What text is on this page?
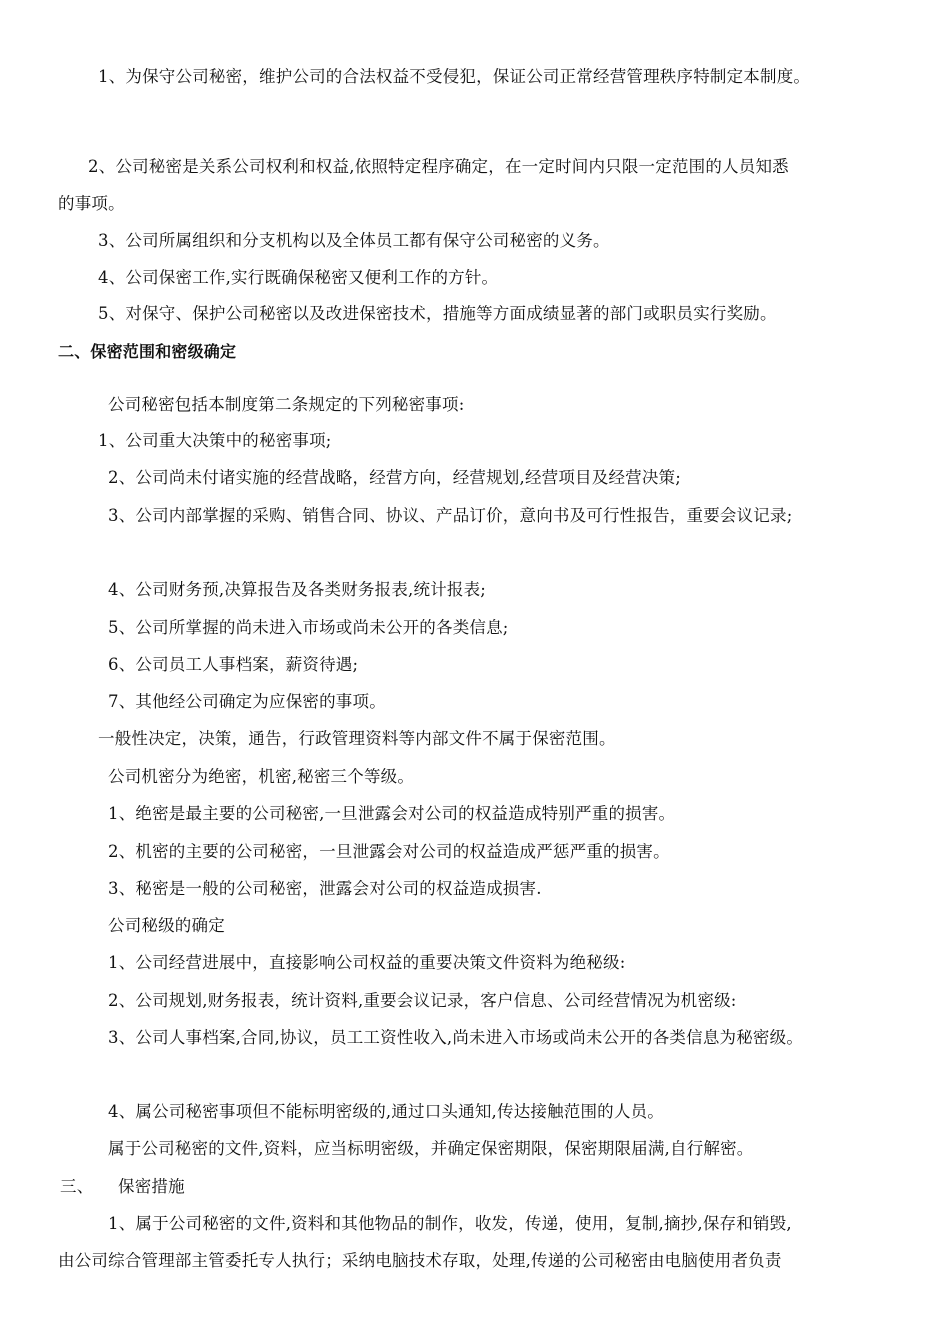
1、为保守公司秘密，维护公司的合法权益不受侵犯，保证公司正常经营管理秩序特制定本制度。
2、公司秘密是关系公司权利和权益,依照特定程序确定，在一定时间内只限一定范围的人员知悉
的事项。
3、公司所属组织和分支机构以及全体员工都有保守公司秘密的义务。
4、公司保密工作,实行既确保秘密又便利工作的方针。
5、对保守、保护公司秘密以及改进保密技术，措施等方面成绩显著的部门或职员实行奖励。
二、保密范围和密级确定
公司秘密包括本制度第二条规定的下列秘密事项:
1、公司重大决策中的秘密事项;
2、公司尚未付诸实施的经营战略，经营方向，经营规划,经营项目及经营决策;
3、公司内部掌握的采购、销售合同、协议、产品订价，意向书及可行性报告，重要会议记录;
4、公司财务预,决算报告及各类财务报表,统计报表;
5、公司所掌握的尚未进入市场或尚未公开的各类信息;
6、公司员工人事档案，薪资待遇;
7、其他经公司确定为应保密的事项。
一般性决定，决策，通告，行政管理资料等内部文件不属于保密范围。
公司机密分为绝密，机密,秘密三个等级。
1、绝密是最主要的公司秘密,一旦泄露会对公司的权益造成特别严重的损害。
2、机密的主要的公司秘密，一旦泄露会对公司的权益造成严惩严重的损害。
3、秘密是一般的公司秘密，泄露会对公司的权益造成损害.
公司秘级的确定
1、公司经营进展中，直接影响公司权益的重要决策文件资料为绝秘级:
2、公司规划,财务报表，统计资料,重要会议记录，客户信息、公司经营情况为机密级:
3、公司人事档案,合同,协议，员工工资性收入,尚未进入市场或尚未公开的各类信息为秘密级。
4、属公司秘密事项但不能标明密级的,通过口头通知,传达接触范围的人员。
属于公司秘密的文件,资料，应当标明密级，并确定保密期限，保密期限届满,自行解密。
三、 保密措施
1、属于公司秘密的文件,资料和其他物品的制作，收发，传递，使用，复制,摘抄,保存和销毁,
由公司综合管理部主管委托专人执行；采纳电脑技术存取，处理,传递的公司秘密由电脑使用者负责
